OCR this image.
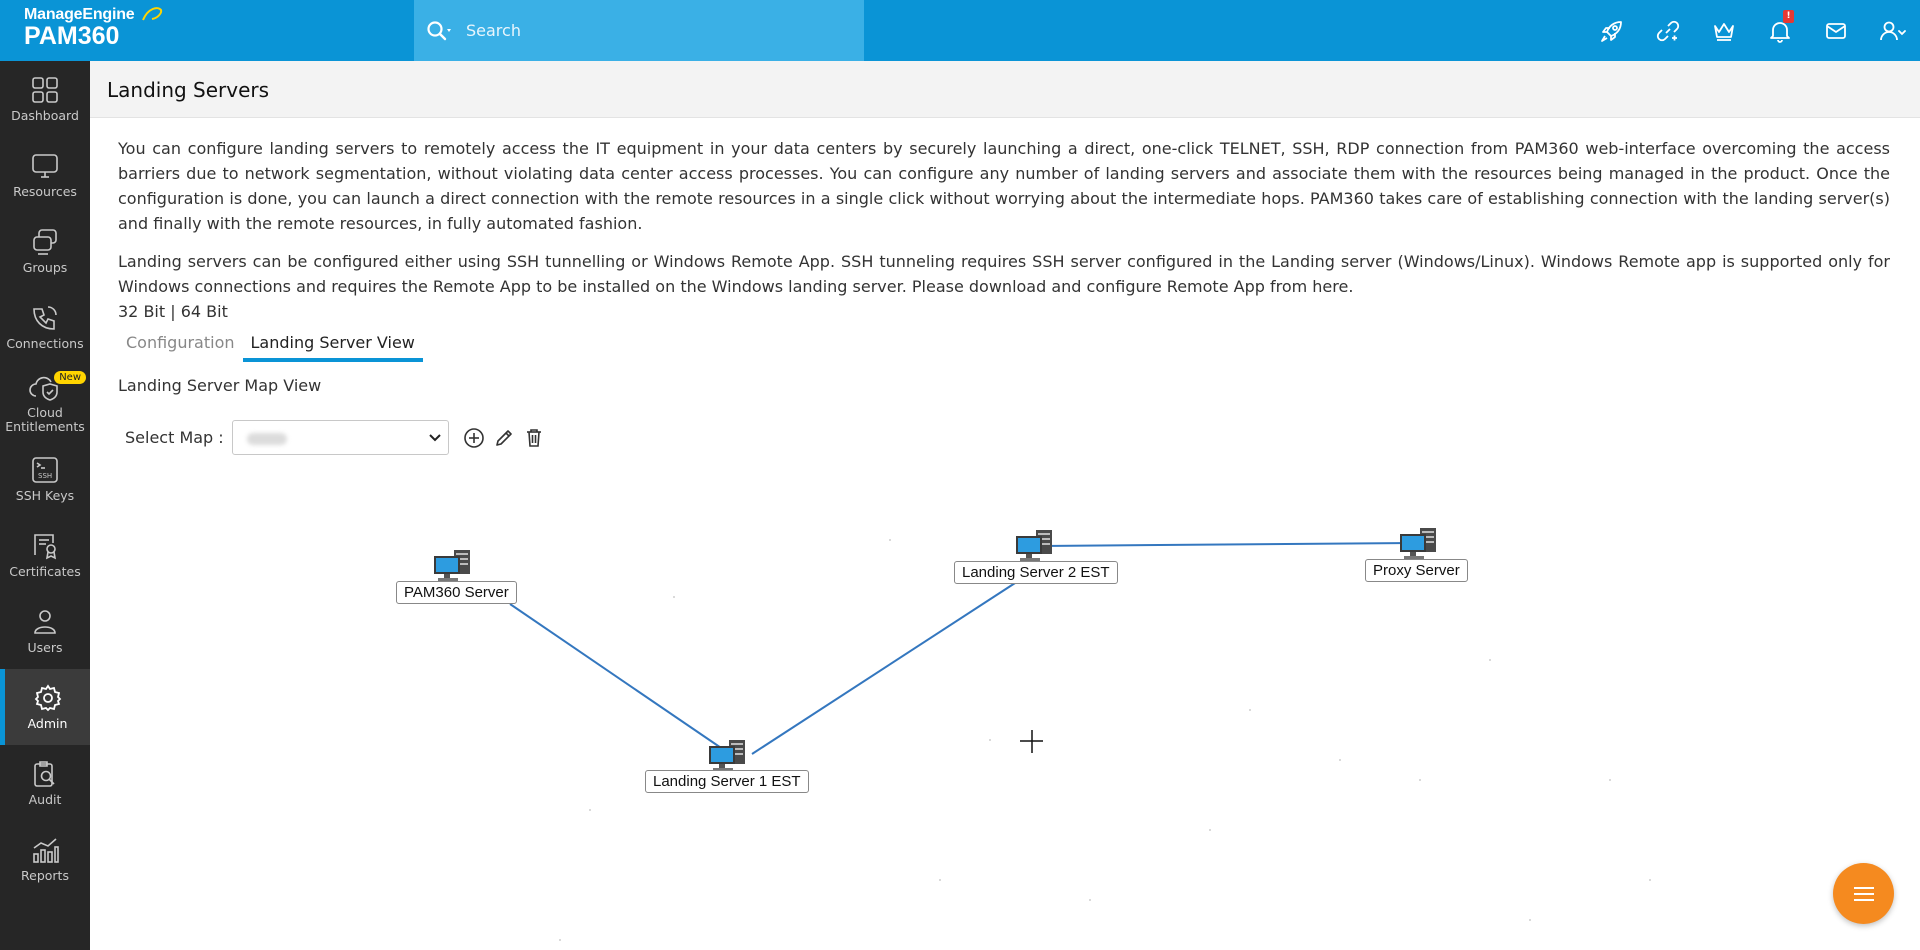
ManageEngine
PAM360
Search
!
Dashboard
Resources
Groups
Connections
New
Cloud Entitlements
SSH
SSH Keys
Certificates
Users
Admin
Audit
Reports
Landing Servers

You can configure landing servers to remotely access the IT equipment in your data centers by securely launching a direct, one-click TELNET, SSH, RDP connection from PAM360 web-interface overcoming the access barriers due to network segmentation, without violating data center access processes. You can configure any number of landing servers and associate them with the resources being managed in the product. Once the configuration is done, you can launch a direct connection with the remote resources in a single click without worrying about the intermediate hops. PAM360 takes care of establishing connection with the landing server(s) and finally with the remote resources, in fully automated fashion.

Landing servers can be configured either using SSH tunnelling or Windows Remote App. SSH tunneling requires SSH server configured in the Landing server (Windows/Linux). Windows Remote app is supported only for Windows connections and requires the Remote App to be installed on the Windows landing server. Please download and configure Remote App from here.

32 Bit | 64 Bit
Configuration	Landing Server View
Landing Server Map View
Select Map :
PAM360 Server
Landing Server 1 EST
Landing Server 2 EST	Proxy Server
